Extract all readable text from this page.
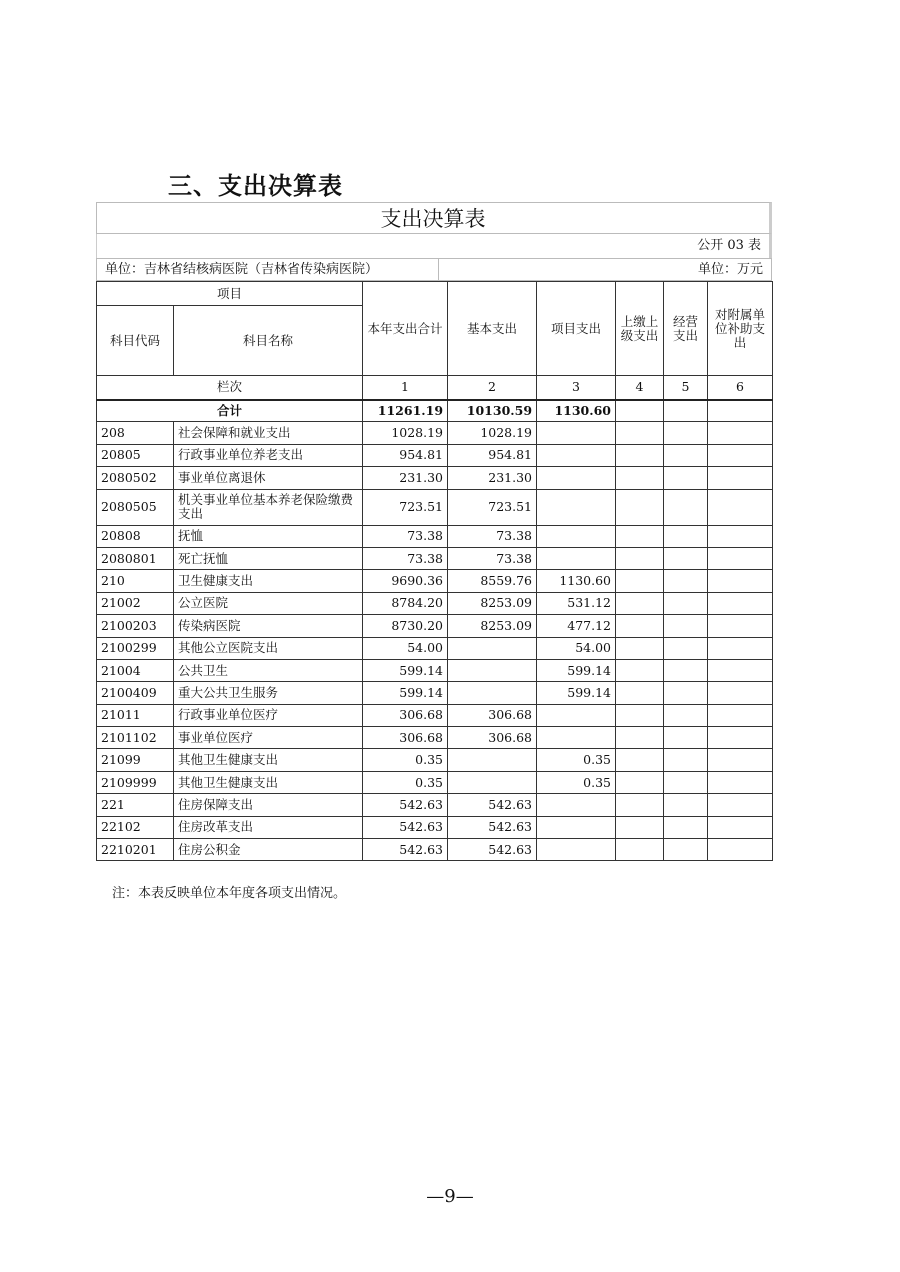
三、支出决算表
支出决算表
公开 03 表
单位：吉林省结核病医院（吉林省传染病医院）	单位：万元
项目		本年支出合计	基本支出	项目支出	上缴上级支出	经营支出	对附属单位补助支出
科目代码	科目名称						
栏次		1	2	3	4	5	6
合计		11261.19	10130.59	1130.60			
208	社会保障和就业支出	1028.19	1028.19				
20805	行政事业单位养老支出	954.81	954.81				
2080502	事业单位离退休	231.30	231.30				
2080505	机关事业单位基本养老保险缴费支出	723.51	723.51				
20808	抚恤	73.38	73.38				
2080801	死亡抚恤	73.38	73.38				
210	卫生健康支出	9690.36	8559.76	1130.60			
21002	公立医院	8784.20	8253.09	531.12			
2100203	传染病医院	8730.20	8253.09	477.12			
2100299	其他公立医院支出	54.00		54.00			
21004	公共卫生	599.14		599.14			
2100409	重大公共卫生服务	599.14		599.14			
21011	行政事业单位医疗	306.68	306.68				
2101102	事业单位医疗	306.68	306.68				
21099	其他卫生健康支出	0.35		0.35			
2109999	其他卫生健康支出	0.35		0.35			
221	住房保障支出	542.63	542.63				
22102	住房改革支出	542.63	542.63				
2210201	住房公积金	542.63	542.63				
注：本表反映单位本年度各项支出情况。
—9—
